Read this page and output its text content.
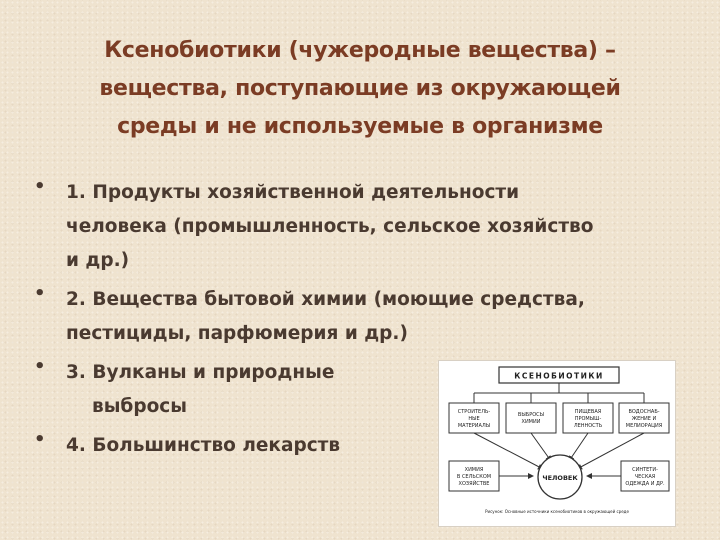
Ксенобиотики (чужеродные вещества) –
вещества, поступающие из окружающей
среды и не используемые в организме
• 1. Продукты хозяйственной деятельности
человека (промышленность, сельское хозяйство
и др.)
• 2. Вещества бытовой химии (моющие средства,
пестициды, парфюмерия и др.)
• 3. Вулканы и природные
выбросы
• 4. Большинство лекарств
КСЕНОБИОТИКИ
СТРОИТЕЛЬ-
НЫЕ
МАТЕРИАЛЫ
ВЫБРОСЫ
ХИМИИ
ПИЩЕВАЯ
ПРОМЫШ-
ЛЕННОСТЬ
ВОДОСНАБ-
ЖЕНИЕ И
МЕЛИОРАЦИЯ
ХИМИЯ
В СЕЛЬСКОМ
ХОЗЯЙСТВЕ
ЧЕЛОВЕК
СИНТЕТИ-
ЧЕСКАЯ
ОДЕЖДА И ДР.
Рисунок: Основные источники ксенобиотиков в окружающей среде
